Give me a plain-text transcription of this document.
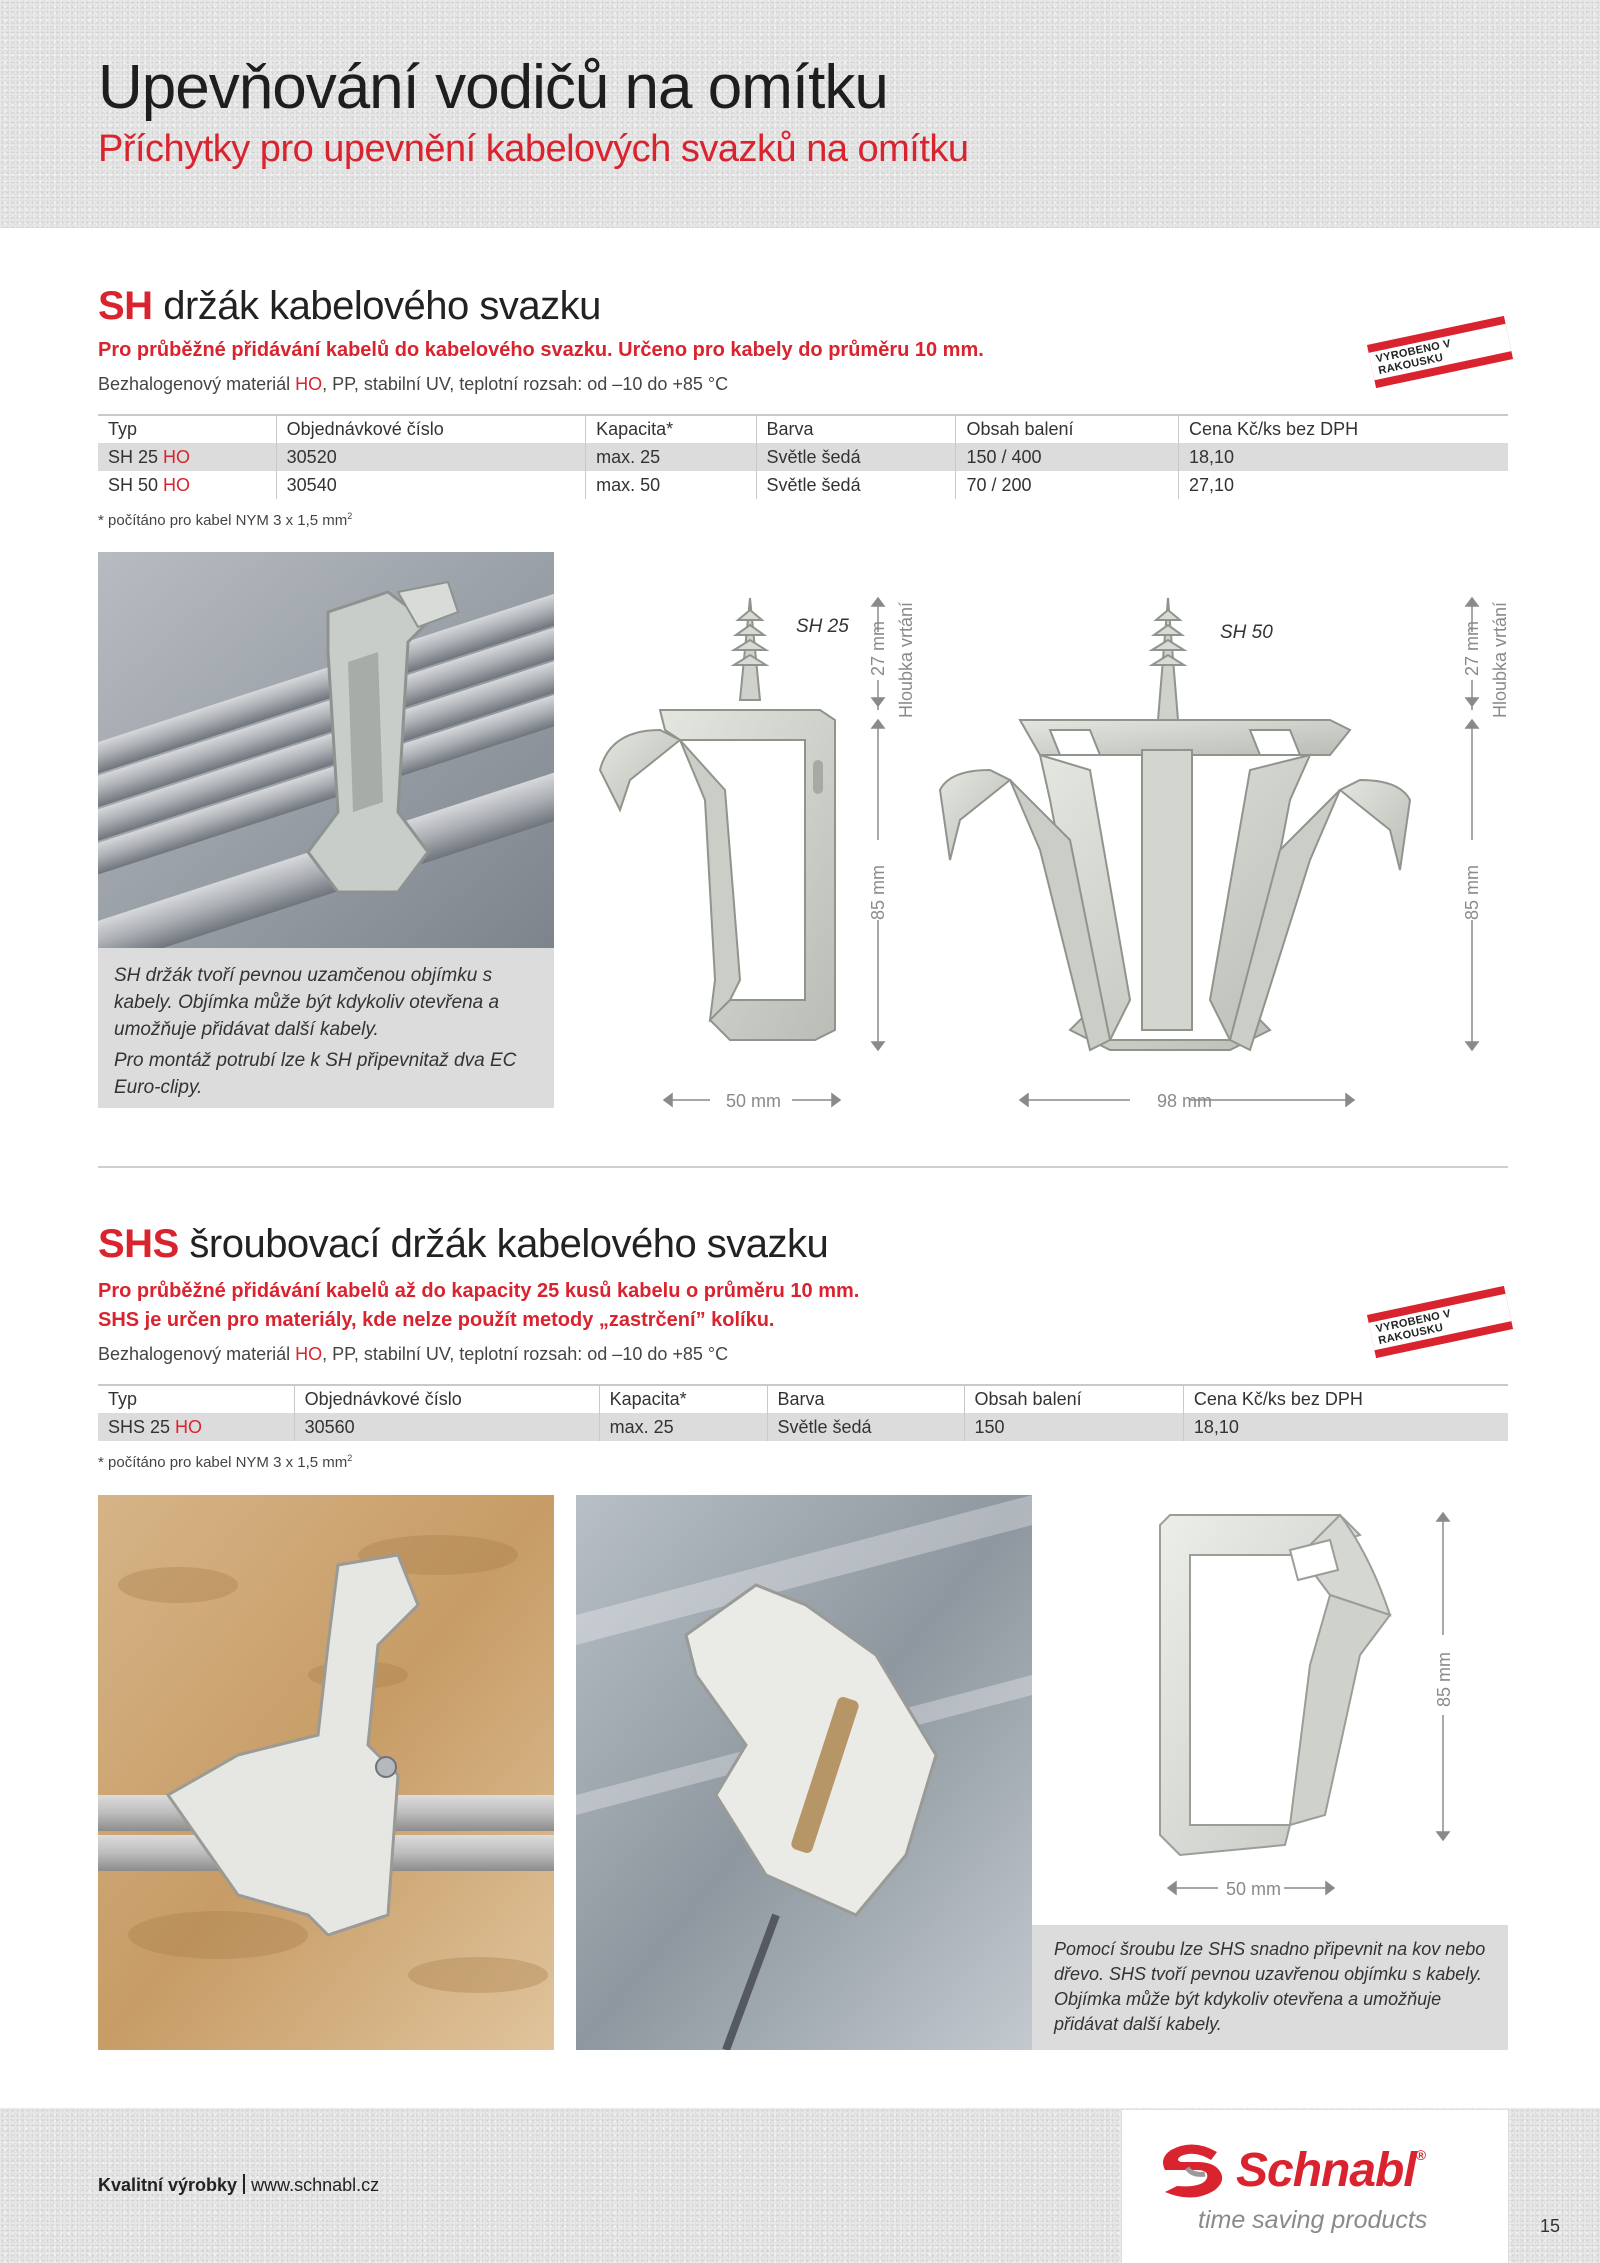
Upevňování vodičů na omítku
Příchytky pro upevnění kabelových svazků na omítku
SH držák kabelového svazku
Pro průběžné přidávání kabelů do kabelového svazku. Určeno pro kabely do průměru 10 mm.
Bezhalogenový materiál HO, PP, stabilní UV, teplotní rozsah: od –10 do +85 °C
VYROBENO V RAKOUSKU
Typ	Objednávkové číslo	Kapacita*	Barva	Obsah balení	Cena Kč/ks bez DPH
SH 25 HO	30520	max. 25	Světle šedá	150 / 400	18,10
SH 50 HO	30540	max. 50	Světle šedá	70 / 200	27,10
* počítáno pro kabel NYM 3 x 1,5 $mm^2$

SH držák tvoří pevnou uzamčenou objímku s kabely. Objímka může být kdykoliv otevřena a umožňuje přidávat další kabely.

Pro montáž potrubí lze k SH připevnitaž dva EC Euro-clipy.

SH 25	SH 50
27 mm
85 mm
Hloubka vrtání	27 mm
85 mm
Hloubka vrtání
50 mm	98 mm
SHS šroubovací držák kabelového svazku
Pro průběžné přidávání kabelů až do kapacity 25 kusů kabelu o průměru 10 mm.
SHS je určen pro materiály, kde nelze použít metody „zastrčení” kolíku.
Bezhalogenový materiál HO, PP, stabilní UV, teplotní rozsah: od –10 do +85 °C
VYROBENO V RAKOUSKU
Typ	Objednávkové číslo	Kapacita*	Barva	Obsah balení	Cena Kč/ks bez DPH
SHS 25 HO	30560	max. 25	Světle šedá	150	18,10
* počítáno pro kabel NYM 3 x 1,5 $mm^2$
85 mm
50 mm

Pomocí šroubu lze SHS snadno připevnit na kov nebo dřevo. SHS tvoří pevnou uzavřenou objímku s kabely. Objímka může být kdykoliv otevřena a umožňuje přidávat další kabely.

Kvalitní výrobky www.schnabl.cz	Schnabl®
time saving products	15
